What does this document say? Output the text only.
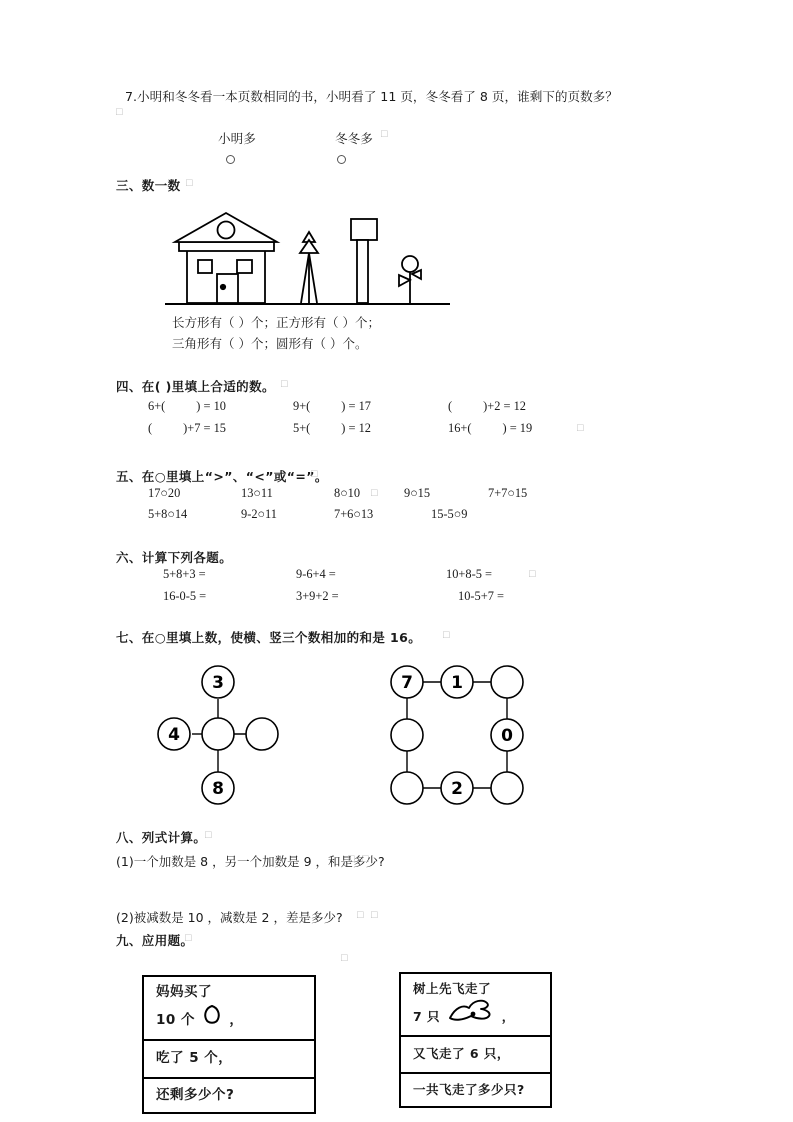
7.小明和冬冬看一本页数相同的书，小明看了 11 页，冬冬看了 8 页，谁剩下的页数多？
□
小明多	冬冬多
□
三、数一数
□
长方形有（ ）个；正方形有（ ）个；
三角形有（ ）个；圆形有（ ）个。
四、在( )里填上合适的数。
□
6+(          ) = 10	9+(          ) = 17	(          )+2 = 12
(          )+7 = 15	5+(          ) = 12	16+(          ) = 19
□
五、在○里填上“>”、“<”或“=”。
□
17○20	13○11	8○10	9○15	7+7○15
□
5+8○14	9-2○11	7+6○13	15-5○9
六、计算下列各题。
5+8+3 =	9-6+4 =	10+8-5 =
□
16-0-5 =	3+9+2 =	10-5+7 =
七、在○里填上数，使横、竖三个数相加的和是 16。
□
3
4
8
7 1
0
2
八、列式计算。
□
(1)一个加数是 8 ，另一个加数是 9 ，和是多少?
□
□
(2)被减数是 10 ，减数是 2 ，差是多少?
□
□
九、应用题。
□
□
妈妈买了
10 个	，
吃了 5 个，
还剩多少个?
树上先飞走了
7 只	，
又飞走了 6 只，
一共飞走了多少只?
